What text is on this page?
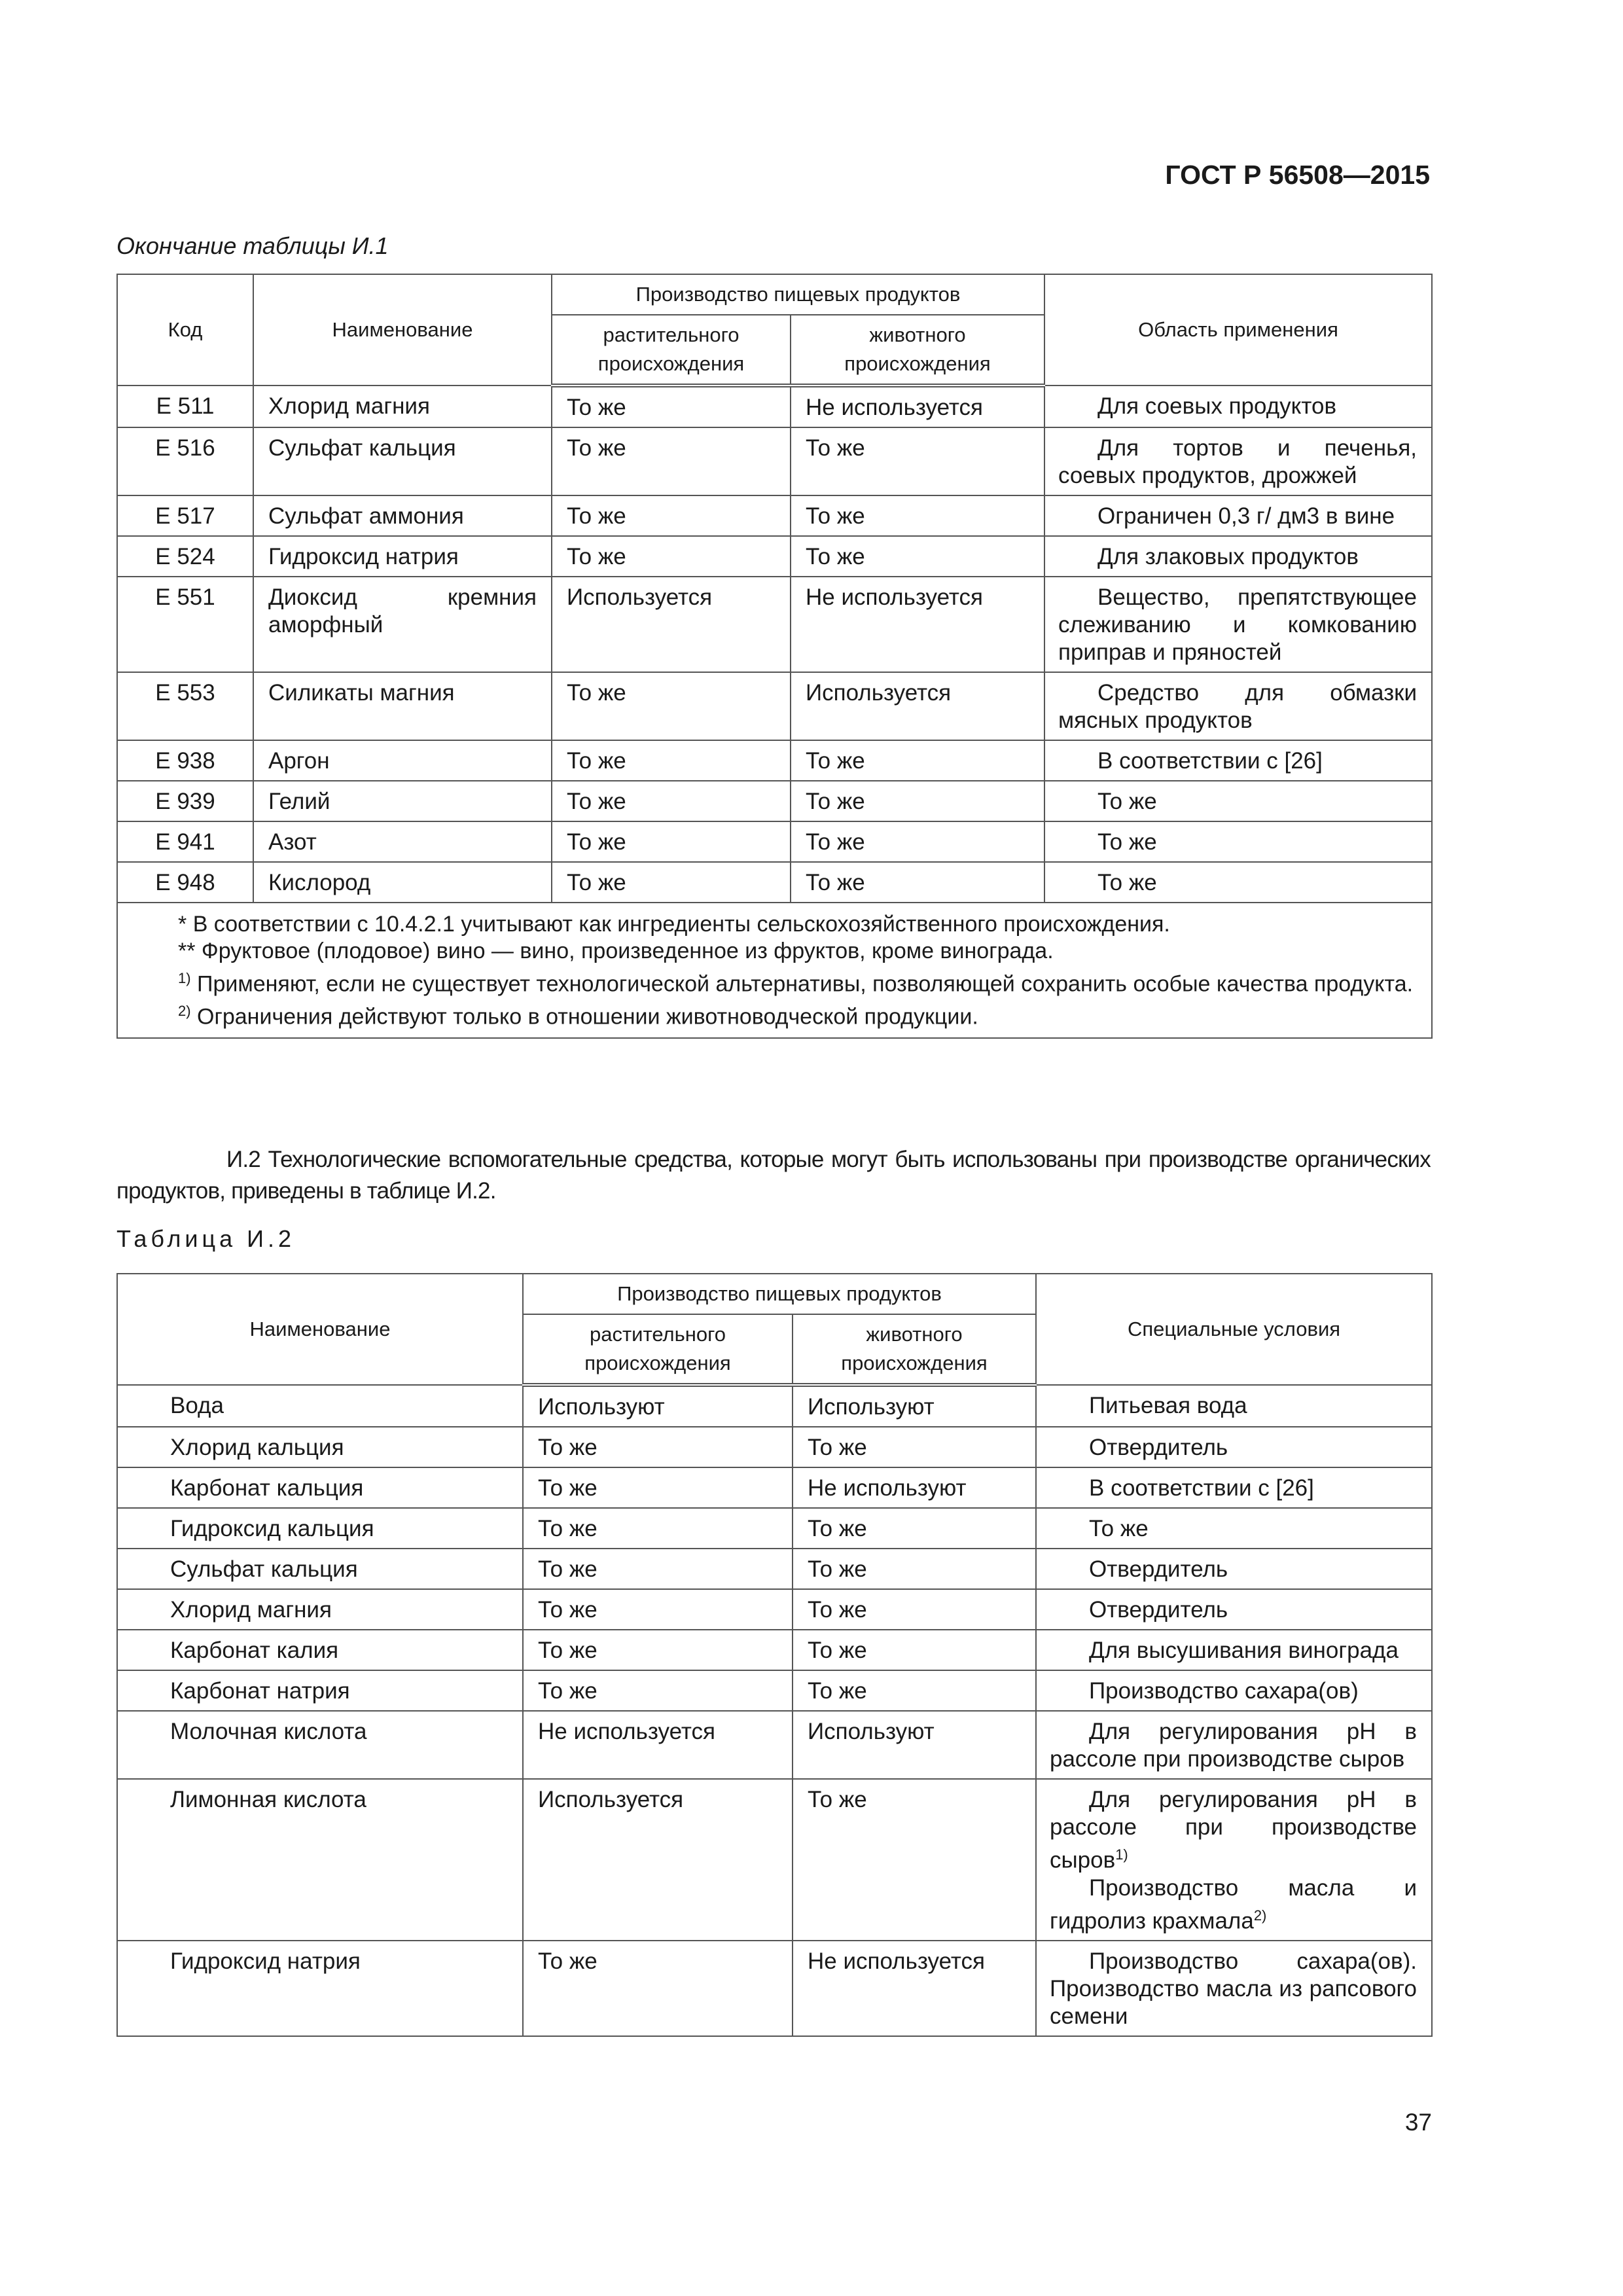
ГОСТ Р 56508—2015
Окончание таблицы И.1
Код	Наименование	Производство пищевых продуктов		Область применения
		растительного происхождения	животного происхождения	
E 511	Хлорид магния	То же	Не используется	Для соевых продуктов
E 516	Сульфат кальция	То же	То же	Для тортов и печенья, соевых продуктов, дрожжей
E 517	Сульфат аммония	То же	То же	Ограничен 0,3 г/ дм3 в вине
E 524	Гидроксид натрия	То же	То же	Для злаковых продуктов
E 551	Диоксид кремния аморфный	Используется	Не используется	Вещество, препятствующее слеживанию и комкованию приправ и пряностей
E 553	Силикаты магния	То же	Используется	Средство для обмазки мясных продуктов
E 938	Аргон	То же	То же	В соответствии с [26]
E 939	Гелий	То же	То же	То же
E 941	Азот	То же	То же	То же
E 948	Кислород	То же	То же	То же

* В соответствии с 10.4.2.1 учитывают как ингредиенты сельскохозяйственного происхождения.
** Фруктовое (плодовое) вино — вино, произведенное из фруктов, кроме винограда.
$^{1)}$ Применяют, если не существует технологической альтернативы, позволяющей сохранить особые качества продукта.
$^{2)}$ Ограничения действуют только в отношении животноводческой продукции.				
И.2 Технологические вспомогательные средства, которые могут быть использованы при производстве органических продуктов, приведены в таблице И.2.
Таблица И.2
Наименование	Производство пищевых продуктов		Специальные условия
	растительного происхождения	животного происхождения	
Вода	Используют	Используют	Питьевая вода
Хлорид кальция	То же	То же	Отвердитель
Карбонат кальция	То же	Не используют	В соответствии с [26]
Гидроксид кальция	То же	То же	То же
Сульфат кальция	То же	То же	Отвердитель
Хлорид магния	То же	То же	Отвердитель
Карбонат калия	То же	То же	Для высушивания винограда
Карбонат натрия	То же	То же	Производство сахара(ов)
Молочная кислота	Не используется	Используют	Для регулирования pH в рассоле при производстве сыров
Лимонная кислота	Используется	То же	Для регулирования pH в рассоле при производстве сыров$^{1)}$
Производство масла и гидролиз крахмала$^{2)}$

Гидроксид натрия	То же	Не используется	Производство сахара(ов). Производство масла из рапсового семени
37
